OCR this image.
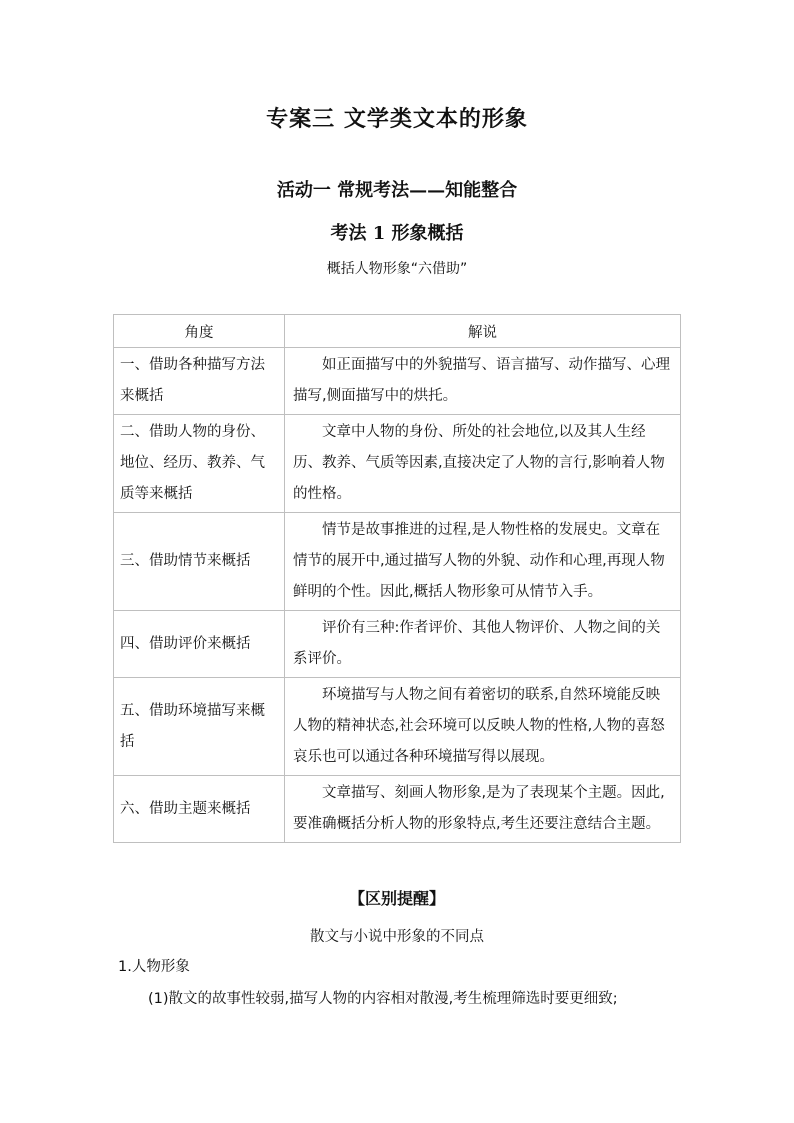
专案三 文学类文本的形象
活动一 常规考法——知能整合
考法 1 形象概括
概括人物形象“六借助”
角度	解说
一、借助各种描写方法来概括	如正面描写中的外貌描写、语言描写、动作描写、心理描写,侧面描写中的烘托。
二、借助人物的身份、地位、经历、教养、气质等来概括	文章中人物的身份、所处的社会地位,以及其人生经历、教养、气质等因素,直接决定了人物的言行,影响着人物的性格。
三、借助情节来概括	情节是故事推进的过程,是人物性格的发展史。文章在情节的展开中,通过描写人物的外貌、动作和心理,再现人物鲜明的个性。因此,概括人物形象可从情节入手。
四、借助评价来概括	评价有三种:作者评价、其他人物评价、人物之间的关系评价。
五、借助环境描写来概括	环境描写与人物之间有着密切的联系,自然环境能反映人物的精神状态,社会环境可以反映人物的性格,人物的喜怒哀乐也可以通过各种环境描写得以展现。
六、借助主题来概括	文章描写、刻画人物形象,是为了表现某个主题。因此,要准确概括分析人物的形象特点,考生还要注意结合主题。
【区别提醒】
散文与小说中形象的不同点
1.人物形象
(1)散文的故事性较弱,描写人物的内容相对散漫,考生梳理筛选时要更细致;
